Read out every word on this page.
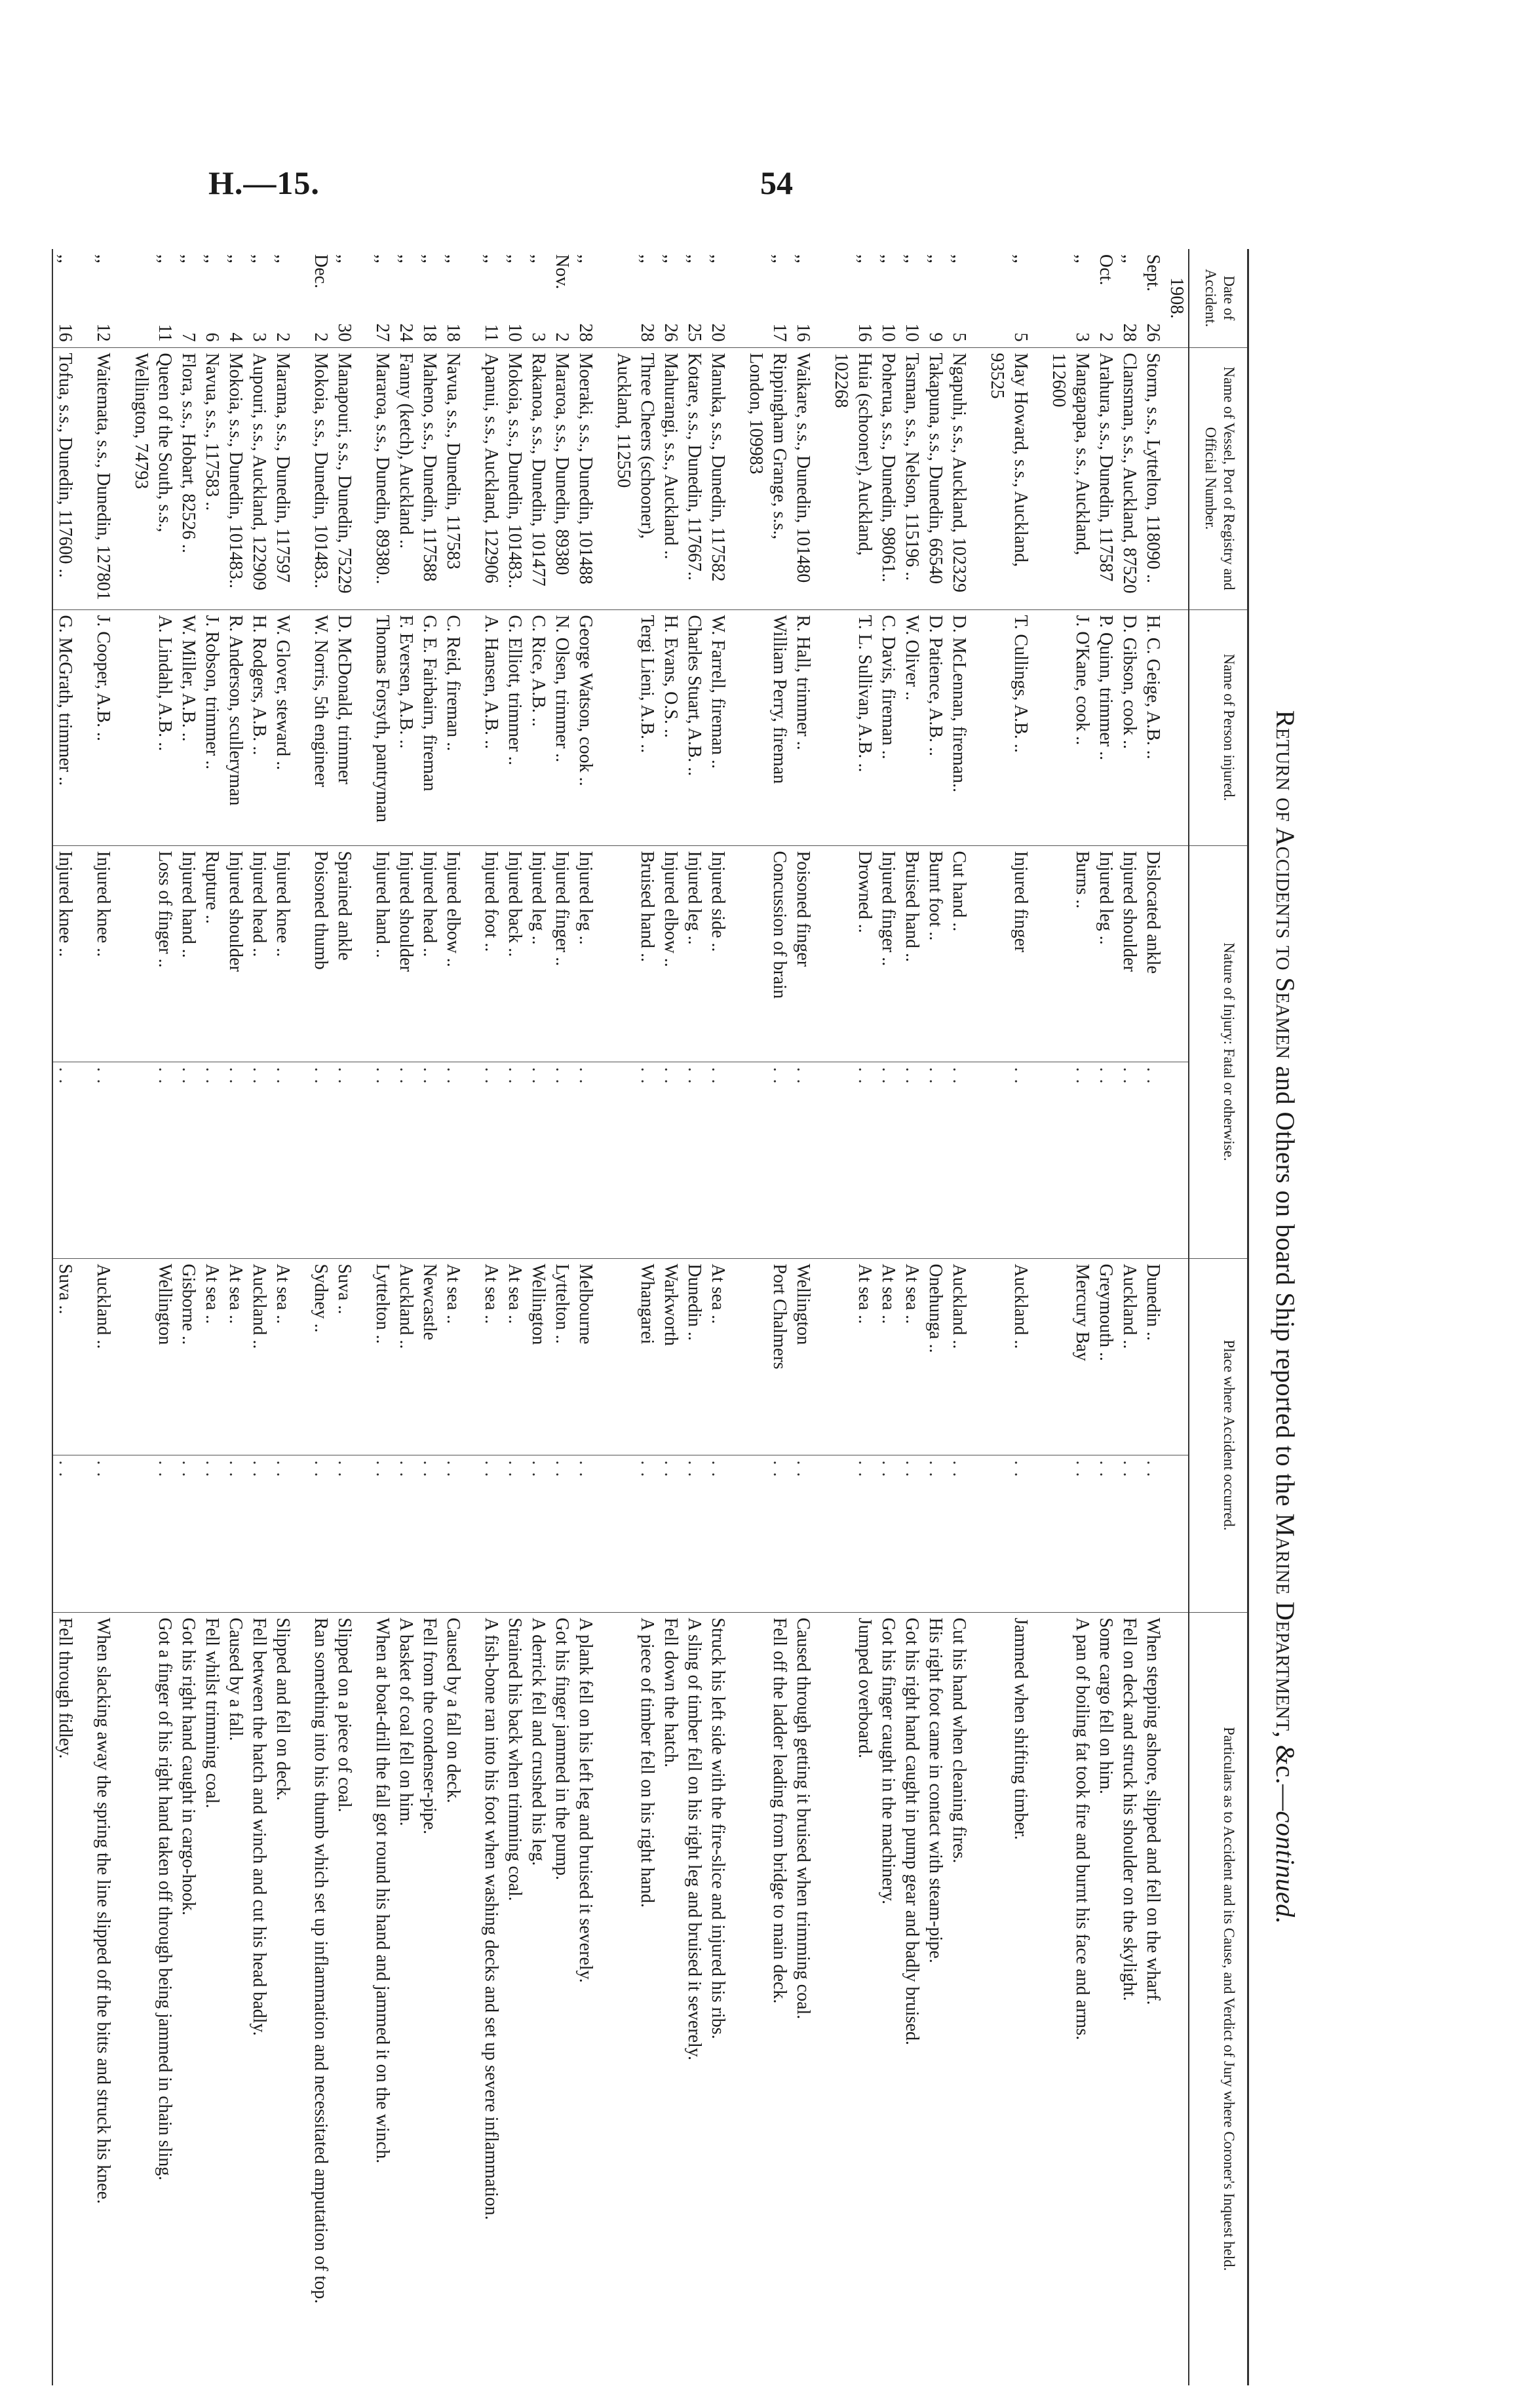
H.—15.	54
Return of Accidents to Seamen and Others on board Ship reported to the Marine Department, &c.—continued.
Date of Accident.	Name of Vessel, Port of Registry and Official Number.	Name of Person injured.	Nature of Injury: Fatal or otherwise.		Place where Accident occurred.		Particulars as to Accident and its Cause, and Verdict of Jury where Coroner's Inquest held.
1908.							

Sept.
26	Storm, s.s., Lyttelton, 118090 ..	H. C. Geige, A.B. ..	Dislocated ankle	. .	Dunedin ..	. .	When stepping ashore, slipped and fell on the wharf.

,,
28	Clansman, s.s., Auckland, 87520	D. Gibson, cook ..	Injured shoulder	. .	Auckland ..	. .	Fell on deck and struck his shoulder on the skylight.

Oct.
2	Arahura, s.s., Dunedin, 117587	P. Quinn, trimmer ..	Injured leg ..	. .	Greymouth ..	. .	Some cargo fell on him.

,,
3	Mangapapa, s.s., Auckland, 112600	J. O'Kane, cook ..	Burns ..	. .	Mercury Bay	. .	A pan of boiling fat took fire and burnt his face and arms.

,,
5	May Howard, s.s., Auckland, 93525	T. Cullings, A.B. ..	Injured finger	. .	Auckland ..	. .	Jammed when shifting timber.

,,
5	Ngapuhi, s.s., Auckland, 102329	D. McLennan, fireman..	Cut hand ..	. .	Auckland ..	. .	Cut his hand when cleaning fires.

,,
9	Takapuna, s.s., Dunedin, 66540	D. Patience, A.B. ..	Burnt foot ..	. .	Onehunga ..	. .	His right foot came in contact with steam-pipe.

,,
10	Tasman, s.s., Nelson, 115196 ..	W. Oliver ..	Bruised hand ..	. .	At sea ..	. .	Got his right hand caught in pump gear and badly bruised.

,,
10	Poherua, s.s., Dunedin, 98061..	C. Davis, fireman ..	Injured finger ..	. .	At sea ..	. .	Got his finger caught in the machinery.

,,
16	Huia (schooner), Auckland, 102268	T. L. Sullivan, A.B. ..	Drowned ..	. .	At sea ..	. .	Jumped overboard.

,,
16	Waikare, s.s., Dunedin, 101480	R. Hall, trimmer ..	Poisoned finger	. .	Wellington	. .	Caused through getting it bruised when trimming coal.

,,
17	Rippingham Grange, s.s., London, 109983	William Perry, fireman	Concussion of brain	. .	Port Chalmers	. .	Fell off the ladder leading from bridge to main deck.

,,
20	Manuka, s.s., Dunedin, 117582	W. Farrell, fireman ..	Injured side ..	. .	At sea ..	. .	Struck his left side with the fire-slice and injured his ribs.

,,
25	Kotare, s.s., Dunedin, 117667..	Charles Stuart, A.B. ..	Injured leg ..	. .	Dunedin ..	. .	A sling of timber fell on his right leg and bruised it severely.

,,
26	Mahurangi, s.s., Auckland ..	H. Evans, O.S. ..	Injured elbow ..	. .	Warkworth	. .	Fell down the hatch.

,,
28	Three Cheers (schooner), Auckland, 112550	Tergi Lieni, A.B. ..	Bruised hand ..	. .	Whangarei	. .	A piece of timber fell on his right hand.

,,
28	Moeraki, s.s., Dunedin, 101488	George Watson, cook ..	Injured leg ..	. .	Melbourne	. .	A plank fell on his left leg and bruised it severely.

Nov.
2	Mararoa, s.s., Dunedin, 89380	N. Olsen, trimmer ..	Injured finger ..	. .	Lyttelton ..	. .	Got his finger jammed in the pump.

,,
3	Rakanoa, s.s., Dunedin, 101477	C. Rice, A.B. ..	Injured leg ..	. .	Wellington	. .	A derrick fell and crushed his leg.

,,
10	Mokoia, s.s., Dunedin, 101483..	G. Elliott, trimmer ..	Injured back ..	. .	At sea ..	. .	Strained his back when trimming coal.

,,
11	Apanui, s.s., Auckland, 122906	A. Hansen, A.B. ..	Injured foot ..	. .	At sea ..	. .	A fish-bone ran into his foot when washing decks and set up severe inflammation.

,,
18	Navua, s.s., Dunedin, 117583	C. Reid, fireman ..	Injured elbow ..	. .	At sea ..	. .	Caused by a fall on deck.

,,
18	Maheno, s.s., Dunedin, 117588	G. E. Fairbairn, fireman	Injured head ..	. .	Newcastle	. .	Fell from the condenser-pipe.

,,
24	Fanny (ketch), Auckland ..	F. Eversen, A.B. ..	Injured shoulder	. .	Auckland ..	. .	A basket of coal fell on him.

,,
27	Mararoa, s.s., Dunedin, 89380..	Thomas Forsyth, pantryman	Injured hand ..	. .	Lyttelton ..	. .	When at boat-drill the fall got round his hand and jammed it on the winch.

,,
30	Manapouri, s.s., Dunedin, 75229	D. McDonald, trimmer	Sprained ankle	. .	Suva ..	. .	Slipped on a piece of coal.

Dec.
2	Mokoia, s.s., Dunedin, 101483..	W. Norris, 5th engineer	Poisoned thumb	. .	Sydney ..	. .	Ran something into his thumb which set up inflammation and necessitated amputation of top.

,,
2	Marama, s.s., Dunedin, 117597	W. Glover, steward ..	Injured knee ..	. .	At sea ..	. .	Slipped and fell on deck.

,,
3	Aupouri, s.s., Auckland, 122909	H. Rodgers, A.B. ..	Injured head ..	. .	Auckland ..	. .	Fell between the hatch and winch and cut his head badly.

,,
4	Mokoia, s.s., Dunedin, 101483..	R. Anderson, sculleryman	Injured shoulder	. .	At sea ..	. .	Caused by a fall.

,,
6	Navua, s.s., 117583 ..	J. Robson, trimmer ..	Rupture ..	. .	At sea ..	. .	Fell whilst trimming coal.

,,
7	Flora, s.s., Hobart, 82526 ..	W. Miller, A.B. ..	Injured hand ..	. .	Gisborne ..	. .	Got his right hand caught in cargo-hook.

,,
11	Queen of the South, s.s., Wellington, 74793	A. Lindahl, A.B. ..	Loss of finger ..	. .	Wellington	. .	Got a finger of his right hand taken off through being jammed in chain sling.

,,
12	Waitemata, s.s., Dunedin, 127801	J. Cooper, A.B. ..	Injured knee ..	. .	Auckland ..	. .	When slacking away the spring the line slipped off the bitts and struck his knee.

,,
16	Tofua, s.s., Dunedin, 117600 ..	G. McGrath, trimmer ..	Injured knee ..	. .	Suva ..	. .	Fell through fidley.
